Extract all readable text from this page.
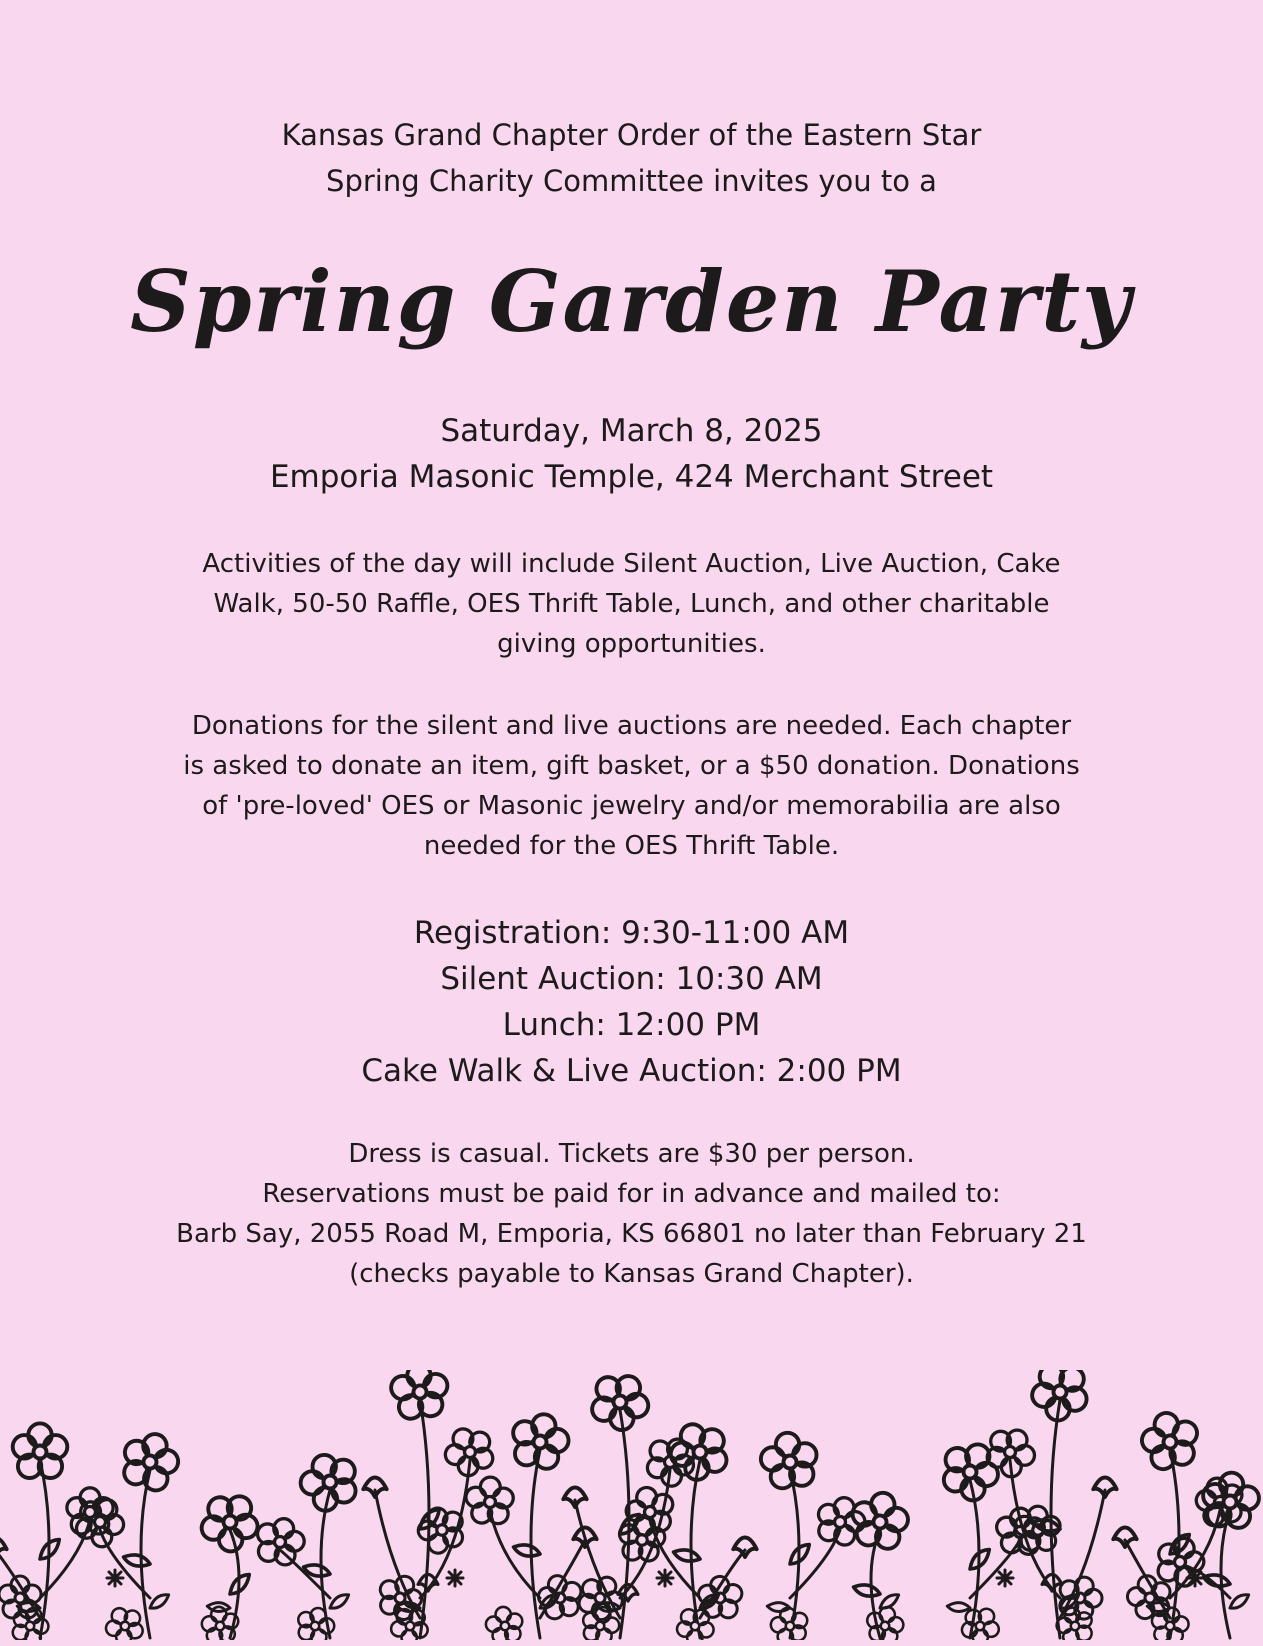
Kansas Grand Chapter Order of the Eastern Star
Spring Charity Committee invites you to a
Spring Garden Party
Saturday, March 8, 2025
Emporia Masonic Temple, 424 Merchant Street
Activities of the day will include Silent Auction, Live Auction, Cake
Walk, 50-50 Raffle, OES Thrift Table, Lunch, and other charitable
giving opportunities.
Donations for the silent and live auctions are needed. Each chapter
is asked to donate an item, gift basket, or a $50 donation. Donations
of 'pre-loved' OES or Masonic jewelry and/or memorabilia are also
needed for the OES Thrift Table.
Registration: 9:30-11:00 AM
Silent Auction: 10:30 AM
Lunch: 12:00 PM
Cake Walk & Live Auction: 2:00 PM
Dress is casual. Tickets are $30 per person.
Reservations must be paid for in advance and mailed to:
Barb Say, 2055 Road M, Emporia, KS 66801 no later than February 21
(checks payable to Kansas Grand Chapter).
